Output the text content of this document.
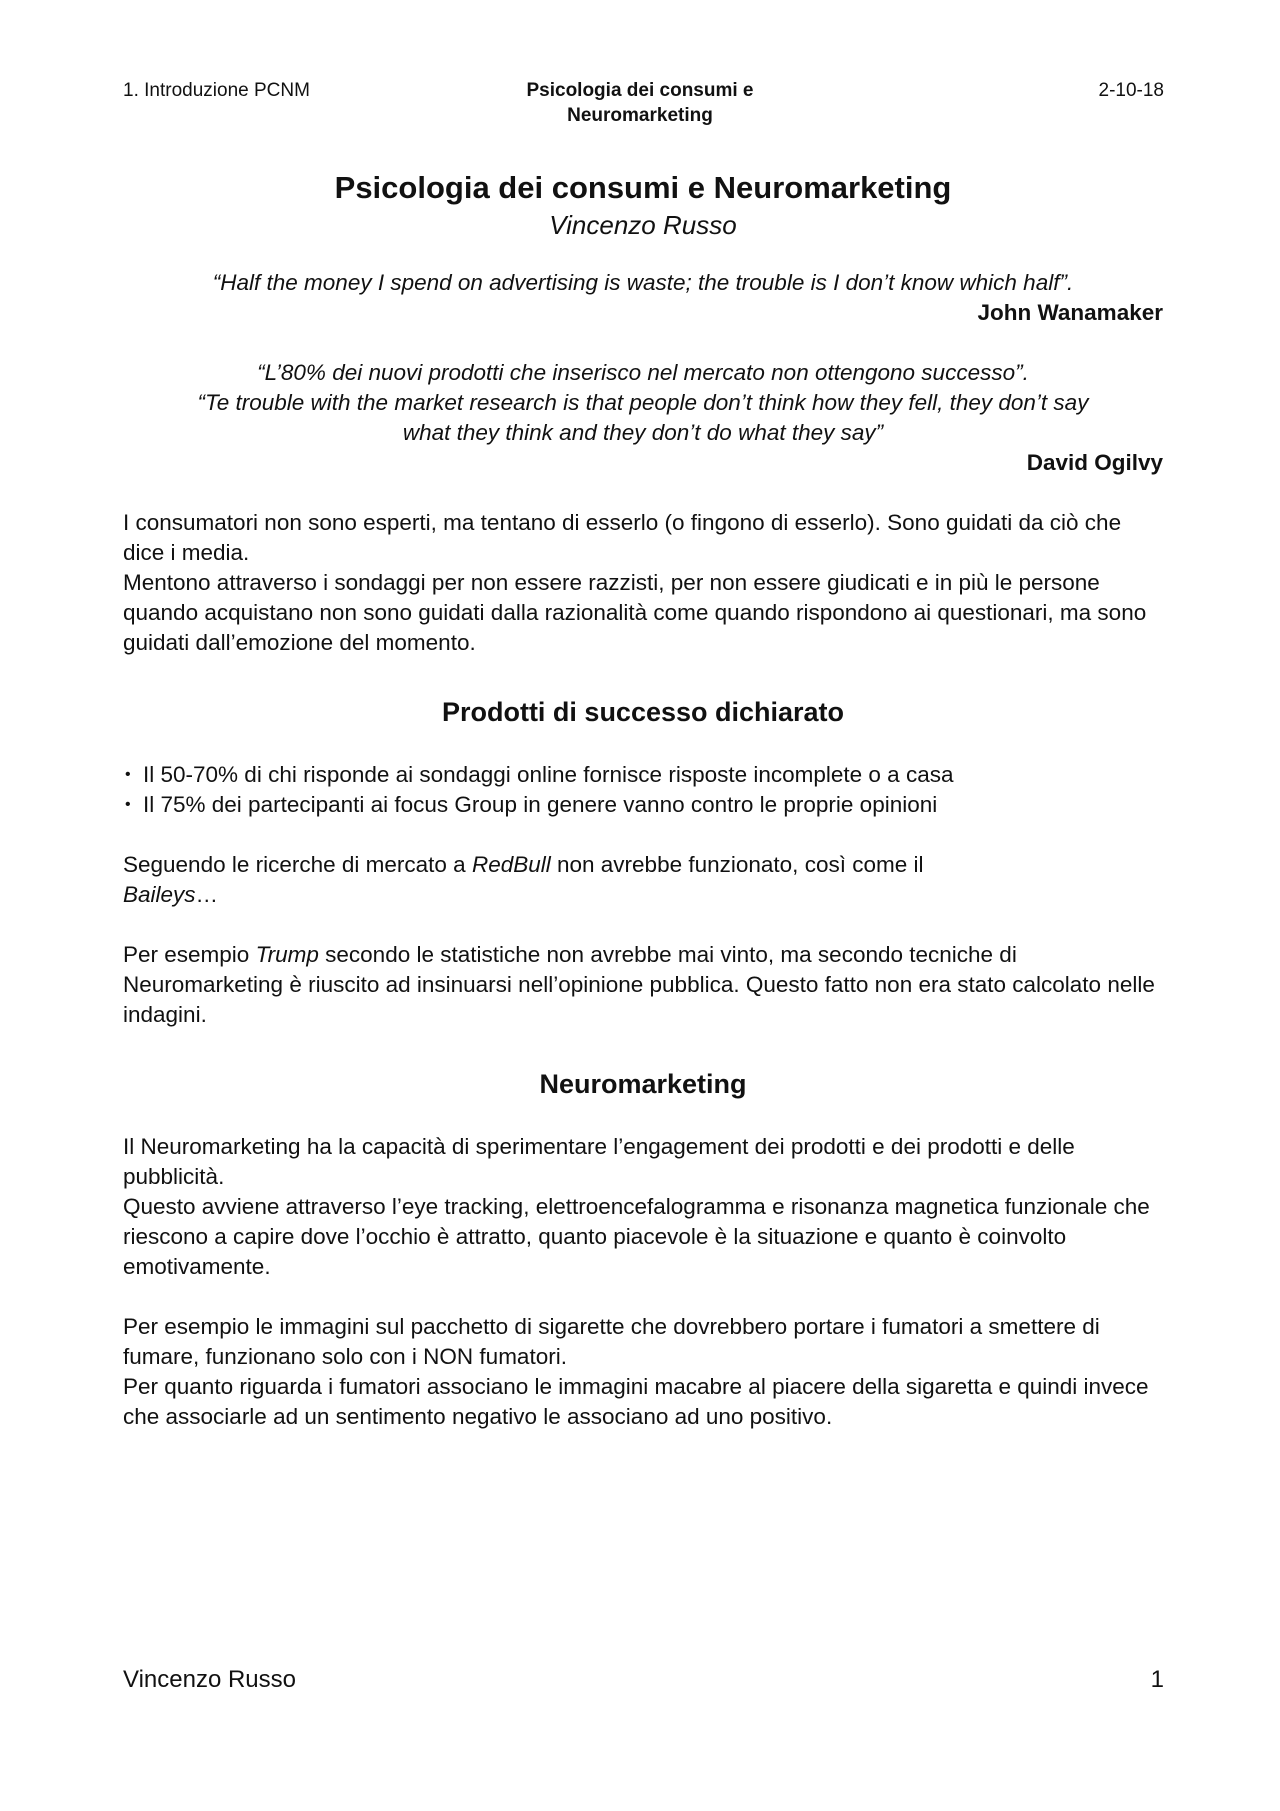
1. Introduzione PCNM	Psicologia dei consumi e
Neuromarketing
2-10-18
Psicologia dei consumi e Neuromarketing

Vincenzo Russo

“Half the money I spend on advertising is waste; the trouble is I don’t know which half”.

John Wanamaker

“L’80% dei nuovi prodotti che inserisco nel mercato non ottengono successo”.

“Te trouble with the market research is that people don’t think how they fell, they don’t say

what they think and they don’t do what they say”

David Ogilvy

I consumatori non sono esperti, ma tentano di esserlo (o fingono di esserlo). Sono guidati da ciò che dice i media.

Mentono attraverso i sondaggi per non essere razzisti, per non essere giudicati e in più le persone quando acquistano non sono guidati dalla razionalità come quando rispondono ai questionari, ma sono guidati dall’emozione del momento.

Prodotti di successo dichiarato
• Il 50-70% di chi risponde ai sondaggi online fornisce risposte incomplete o a casa
• Il 75% dei partecipanti ai focus Group in genere vanno contro le proprie opinioni

Seguendo le ricerche di mercato a RedBull non avrebbe funzionato, così come il
Baileys…

Per esempio Trump secondo le statistiche non avrebbe mai vinto, ma secondo tecniche di Neuromarketing è riuscito ad insinuarsi nell’opinione pubblica. Questo fatto non era stato calcolato nelle indagini.

Neuromarketing

Il Neuromarketing ha la capacità di sperimentare l’engagement dei prodotti e dei prodotti e delle pubblicità.

Questo avviene attraverso l’eye tracking, elettroencefalogramma e risonanza magnetica funzionale che riescono a capire dove l’occhio è attratto, quanto piacevole è la situazione e quanto è coinvolto emotivamente.

Per esempio le immagini sul pacchetto di sigarette che dovrebbero portare i fumatori a smettere di fumare, funzionano solo con i NON fumatori.

Per quanto riguarda i fumatori associano le immagini macabre al piacere della sigaretta e quindi invece che associarle ad un sentimento negativo le associano ad uno positivo.

Vincenzo Russo	1
